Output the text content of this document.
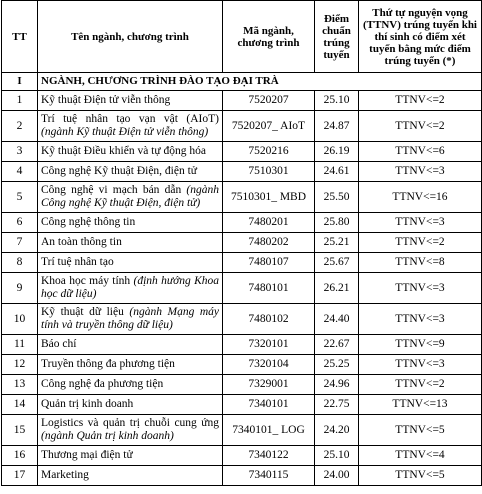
TT	Tên ngành, chương trình	Mã ngành, chương trình	Điểm chuẩn trúng tuyển	Thứ tự nguyện vọng (TTNV) trúng tuyển khi thí sinh có điểm xét tuyển bằng mức điểm trúng tuyển (*)
I	NGÀNH, CHƯƠNG TRÌNH ĐÀO TẠO ĐẠI TRÀ			
1	Kỹ thuật Điện tử viễn thông	7520207	25.10	TTNV<=2
2	Trí tuệ nhân tạo vạn vật (AIoT) (ngành Kỹ thuật Điện tử viễn thông)	7520207_ AIoT	24.87	TTNV<=2
3	Kỹ thuật Điều khiển và tự động hóa	7520216	26.19	TTNV<=6
4	Công nghệ Kỹ thuật Điện, điện tử	7510301	24.61	TTNV<=3
5	Công nghệ vi mạch bán dẫn (ngành Công nghệ Kỹ thuật Điện, điện tử)	7510301_ MBD	25.50	TTNV<=16
6	Công nghệ thông tin	7480201	25.80	TTNV<=3
7	An toàn thông tin	7480202	25.21	TTNV<=2
8	Trí tuệ nhân tạo	7480107	25.67	TTNV<=8
9	Khoa học máy tính (định hướng Khoa học dữ liệu)	7480101	26.21	TTNV<=3
10	Kỹ thuật dữ liệu (ngành Mạng máy tính và truyền thông dữ liệu)	7480102	24.40	TTNV<=3
11	Báo chí	7320101	22.67	TTNV<=9
12	Truyền thông đa phương tiện	7320104	25.25	TTNV<=3
13	Công nghệ đa phương tiện	7329001	24.96	TTNV<=2
14	Quản trị kinh doanh	7340101	22.75	TTNV<=13
15	Logistics và quản trị chuỗi cung ứng (ngành Quản trị kinh doanh)	7340101_ LOG	24.20	TTNV<=5
16	Thương mại điện tử	7340122	25.10	TTNV<=4
17	Marketing	7340115	24.00	TTNV<=5
